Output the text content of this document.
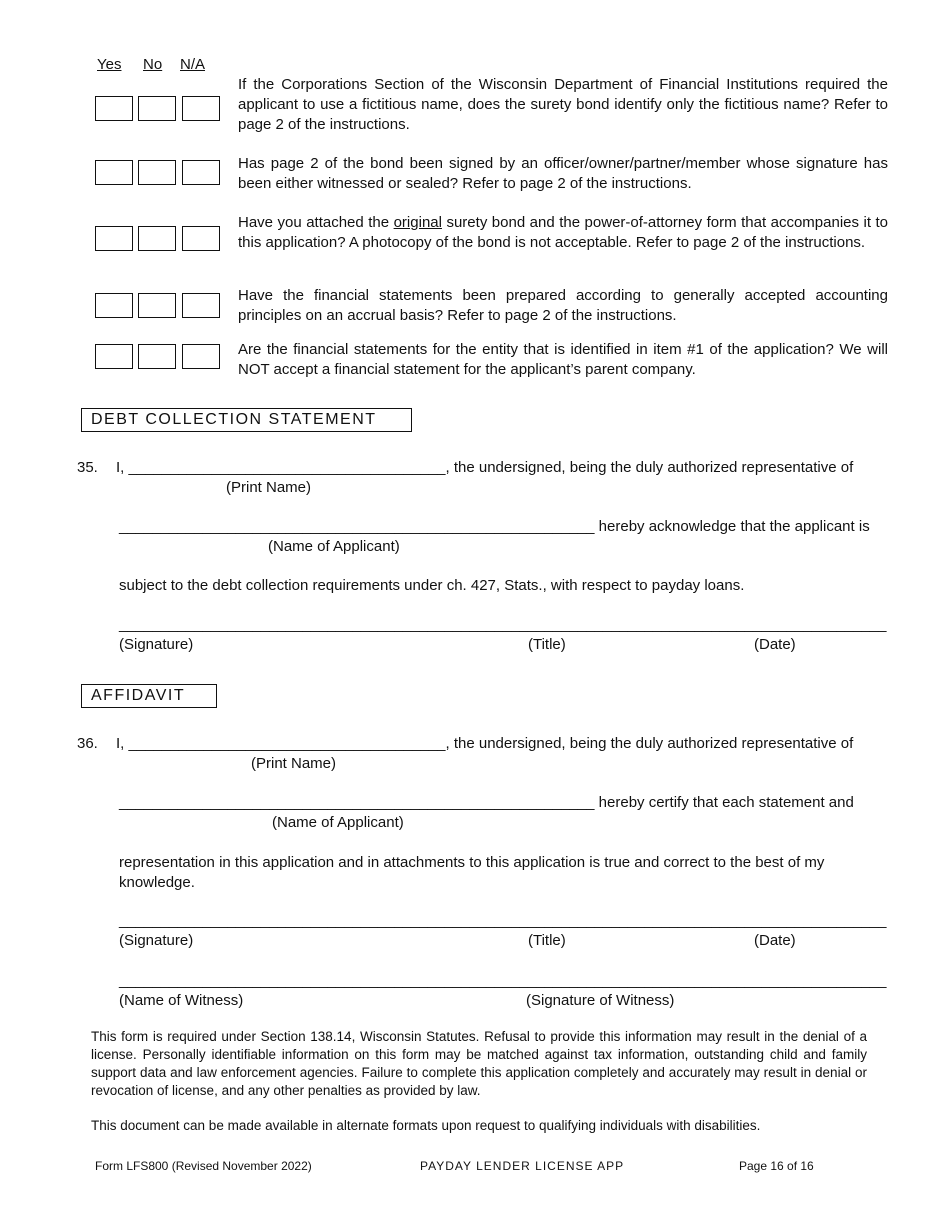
Yes No N/A
If the Corporations Section of the Wisconsin Department of Financial Institutions required the applicant to use a fictitious name, does the surety bond identify only the fictitious name? Refer to page 2 of the instructions.
Has page 2 of the bond been signed by an officer/owner/partner/member whose signature has been either witnessed or sealed? Refer to page 2 of the instructions.
Have you attached the original surety bond and the power-of-attorney form that accompanies it to this application? A photocopy of the bond is not acceptable. Refer to page 2 of the instructions.
Have the financial statements been prepared according to generally accepted accounting principles on an accrual basis? Refer to page 2 of the instructions.
Are the financial statements for the entity that is identified in item #1 of the application? We will NOT accept a financial statement for the applicant’s parent company.
DEBT COLLECTION STATEMENT
35. I, ______________________________________, the undersigned, being the duly authorized representative of
(Print Name)
_________________________________________________________ hereby acknowledge that the applicant is
(Name of Applicant)
subject to the debt collection requirements under ch. 427, Stats., with respect to payday loans.
____________________________________________________________________________________________
(Signature)	(Title)	(Date)
AFFIDAVIT
36. I, ______________________________________, the undersigned, being the duly authorized representative of
(Print Name)
_________________________________________________________ hereby certify that each statement and
(Name of Applicant)
representation in this application and in attachments to this application is true and correct to the best of my knowledge.
____________________________________________________________________________________________
(Signature)	(Title)	(Date)
____________________________________________________________________________________________
(Name of Witness)	(Signature of Witness)
This form is required under Section 138.14, Wisconsin Statutes. Refusal to provide this information may result in the denial of a license. Personally identifiable information on this form may be matched against tax information, outstanding child and family support data and law enforcement agencies. Failure to complete this application completely and accurately may result in denial or revocation of license, and any other penalties as provided by law.
This document can be made available in alternate formats upon request to qualifying individuals with disabilities.
Form LFS800 (Revised November 2022)	PAYDAY LENDER LICENSE APP	Page 16 of 16
